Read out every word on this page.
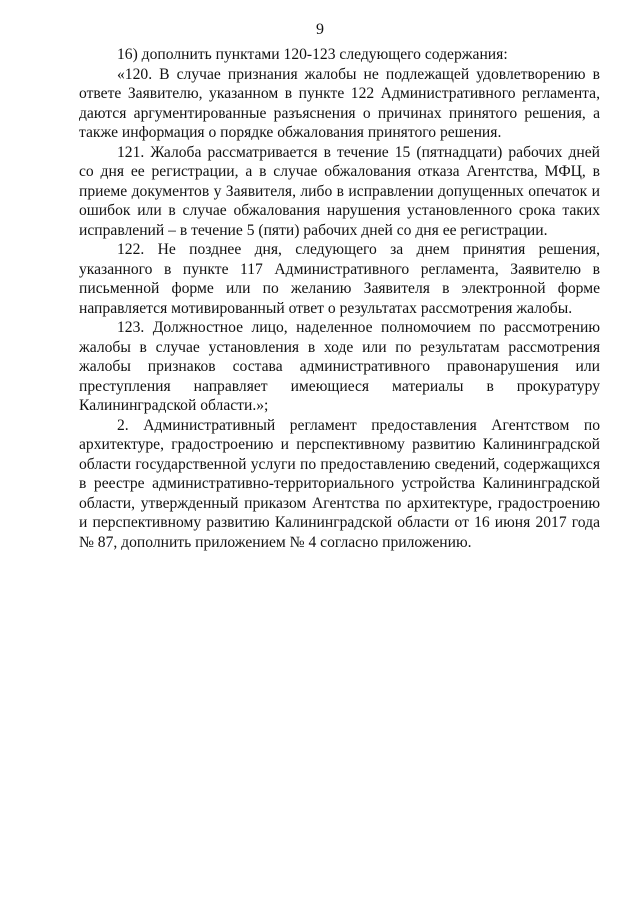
9

16) дополнить пунктами 120-123 следующего содержания:

«120. В случае признания жалобы не подлежащей удовлетворению в ответе Заявителю, указанном в пункте 122 Административного регламента, даются аргументированные разъяснения о причинах принятого решения, а также информация о порядке обжалования принятого решения.

121. Жалоба рассматривается в течение 15 (пятнадцати) рабочих дней со дня ее регистрации, а в случае обжалования отказа Агентства, МФЦ, в приеме документов у Заявителя, либо в исправлении допущенных опечаток и ошибок или в случае обжалования нарушения установленного срока таких исправлений – в течение 5 (пяти) рабочих дней со дня ее регистрации.

122. Не позднее дня, следующего за днем принятия решения, указанного в пункте 117 Административного регламента, Заявителю в письменной форме или по желанию Заявителя в электронной форме направляется мотивированный ответ о результатах рассмотрения жалобы.

123. Должностное лицо, наделенное полномочием по рассмотрению жалобы в случае установления в ходе или по результатам рассмотрения жалобы признаков состава административного правонарушения или преступления направляет имеющиеся материалы в прокуратуру Калининградской области.»;

2. Административный регламент предоставления Агентством по архитектуре, градостроению и перспективному развитию Калининградской области государственной услуги по предоставлению сведений, содержащихся в реестре административно-территориального устройства Калининградской области, утвержденный приказом Агентства по архитектуре, градостроению и перспективному развитию Калининградской области от 16 июня 2017 года № 87, дополнить приложением № 4 согласно приложению.
